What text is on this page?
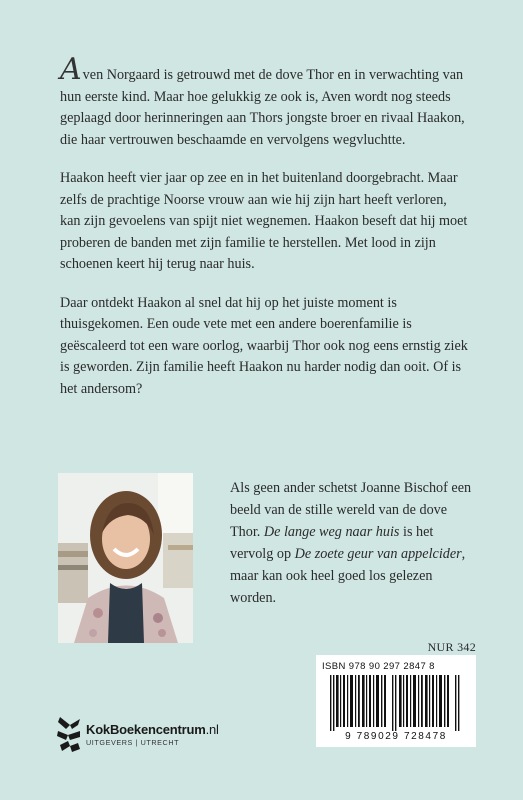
Aven Norgaard is getrouwd met de dove Thor en in verwachting van hun eerste kind. Maar hoe gelukkig ze ook is, Aven wordt nog steeds geplaagd door herinneringen aan Thors jongste broer en rivaal Haakon, die haar vertrouwen beschaamde en vervolgens wegvluchtte.

Haakon heeft vier jaar op zee en in het buitenland doorgebracht. Maar zelfs de prachtige Noorse vrouw aan wie hij zijn hart heeft verloren, kan zijn gevoelens van spijt niet wegnemen. Haakon beseft dat hij moet proberen de banden met zijn familie te herstellen. Met lood in zijn schoenen keert hij terug naar huis.

Daar ontdekt Haakon al snel dat hij op het juiste moment is thuisgekomen. Een oude vete met een andere boerenfamilie is geëscaleerd tot een ware oorlog, waarbij Thor ook nog eens ernstig ziek is geworden. Zijn familie heeft Haakon nu harder nodig dan ooit. Of is het andersom?

Als geen ander schetst Joanne Bischof een beeld van de stille wereld van de dove Thor. De lange weg naar huis is het vervolg op De zoete geur van appelcider, maar kan ook heel goed los gelezen worden.
NUR 342
ISBN 978 90 297 2847 8
9 789029 728478
KokBoekencentrum.nl
UITGEVERS | UTRECHT
